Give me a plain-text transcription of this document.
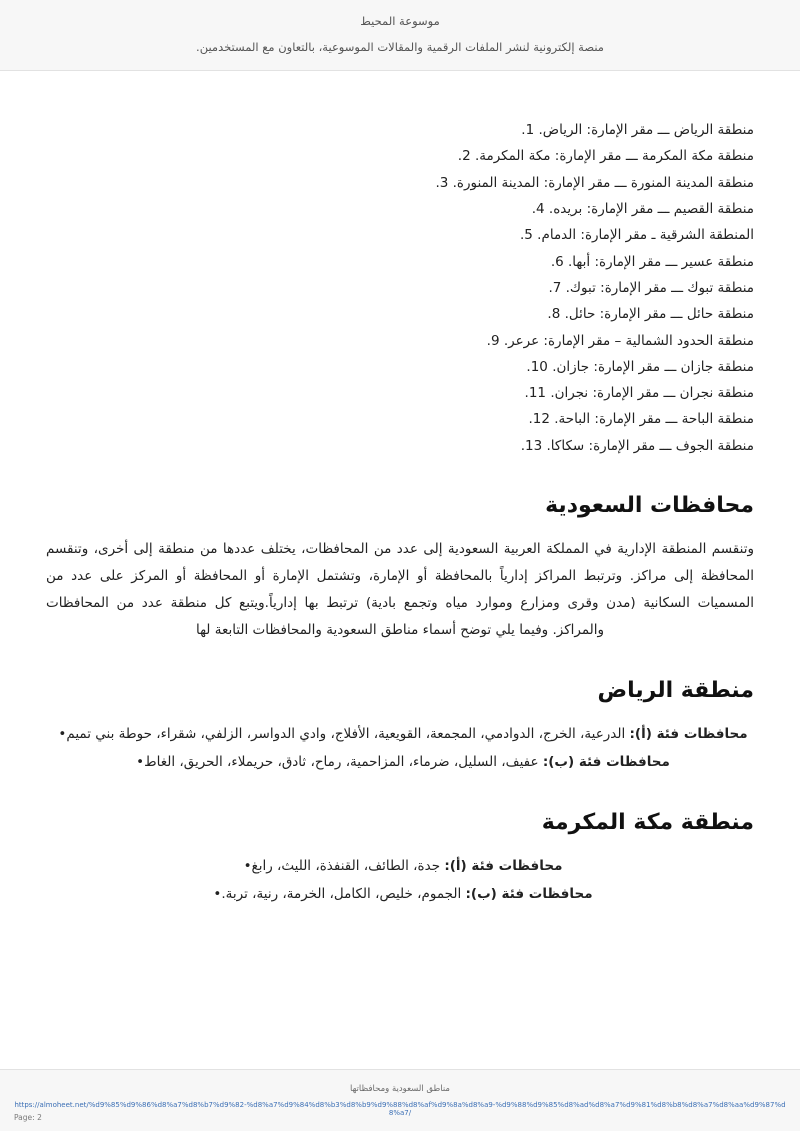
موسوعة المحيط
منصة إلكترونية لنشر الملفات الرقمية والمقالات الموسوعية، بالتعاون مع المستخدمين.
منطقة الرياض ـــ مقر الإمارة: الرياض. 1.
منطقة مكة المكرمة ـــ مقر الإمارة: مكة المكرمة. 2.
منطقة المدينة المنورة ـــ مقر الإمارة: المدينة المنورة. 3.
منطقة القصيم ـــ مقر الإمارة: بريده. 4.
المنطقة الشرقية ـ مقر الإمارة: الدمام. 5.
منطقة عسير ـــ مقر الإمارة: أبها. 6.
منطقة تبوك ـــ مقر الإمارة: تبوك. 7.
منطقة حائل ـــ مقر الإمارة: حائل. 8.
منطقة الحدود الشمالية – مقر الإمارة: عرعر. 9.
منطقة جازان ـــ مقر الإمارة: جازان. 10.
منطقة نجران ـــ مقر الإمارة: نجران. 11.
منطقة الباحة ـــ مقر الإمارة: الباحة. 12.
منطقة الجوف ـــ مقر الإمارة: سكاكا. 13.
محافظات السعودية

وتنقسم المنطقة الإدارية في المملكة العربية السعودية إلى عدد من المحافظات، يختلف عددها من منطقة إلى أخرى، وتنقسم المحافظة إلى مراكز. وترتبط المراكز إدارياً بالمحافظة أو الإمارة، وتشتمل الإمارة أو المحافظة أو المركز على عدد من المسميات السكانية (مدن وقرى ومزارع وموارد مياه وتجمع بادية) ترتبط بها إدارياً.ويتبع كل منطقة عدد من المحافظات والمراكز. وفيما يلي توضح أسماء مناطق السعودية والمحافظات التابعة لها

منطقة الرياض
محافظات فئة (أ): الدرعية، الخرج، الدوادمي، المجمعة، القويعية، الأفلاج، وادي الدواسر، الزلفي، شقراء، حوطة بني تميم•
محافظات فئة (ب): عفيف، السليل، ضرماء، المزاحمية، رماح، ثادق، حريملاء، الحريق، الغاط•
منطقة مكة المكرمة
محافظات فئة (أ): جدة، الطائف، القنفذة، الليث، رابغ•
محافظات فئة (ب): الجموم، خليص، الكامل، الخرمة، رنية، تربة.•
مناطق السعودية ومحافظاتها
https://almoheet.net/%d9%85%d9%86%d8%a7%d8%b7%d9%82-%d8%a7%d9%84%d8%b3%d8%b9%d9%88%d8%af%d9%8a%d8%a9-%d9%88%d9%85%d8%ad%d8%a7%d9%81%d8%b8%d8%a7%d8%aa%d9%87%d8%a7/
Page: 2
